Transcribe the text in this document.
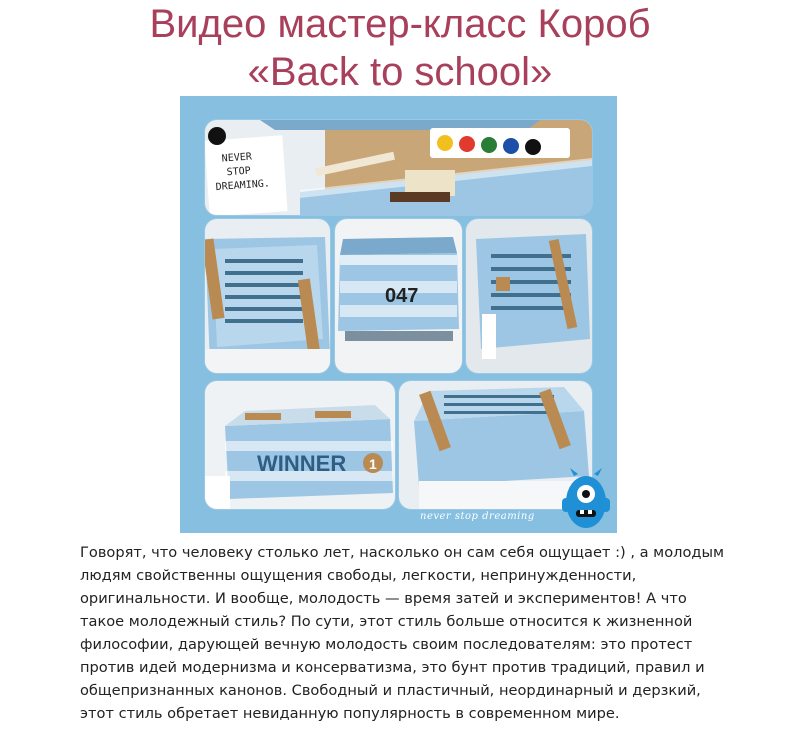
Видео мастер-класс Короб
«Back to school»
NEVER
STOP
DREAMING.
047
WINNER 1
never stop dreaming

Говорят, что человеку столько лет, насколько он сам себя ощущает :) , а молодым людям свойственны ощущения свободы, легкости, непринужденности, оригинальности. И вообще, молодость — время затей и экспериментов! А что такое молодежный стиль? По сути, этот стиль больше относится к жизненной философии, дарующей вечную молодость своим последователям: это протест против идей модернизма и консерватизма, это бунт против традиций, правил и общепризнанных канонов. Свободный и пластичный, неординарный и дерзкий, этот стиль обретает невиданную популярность в современном мире.
